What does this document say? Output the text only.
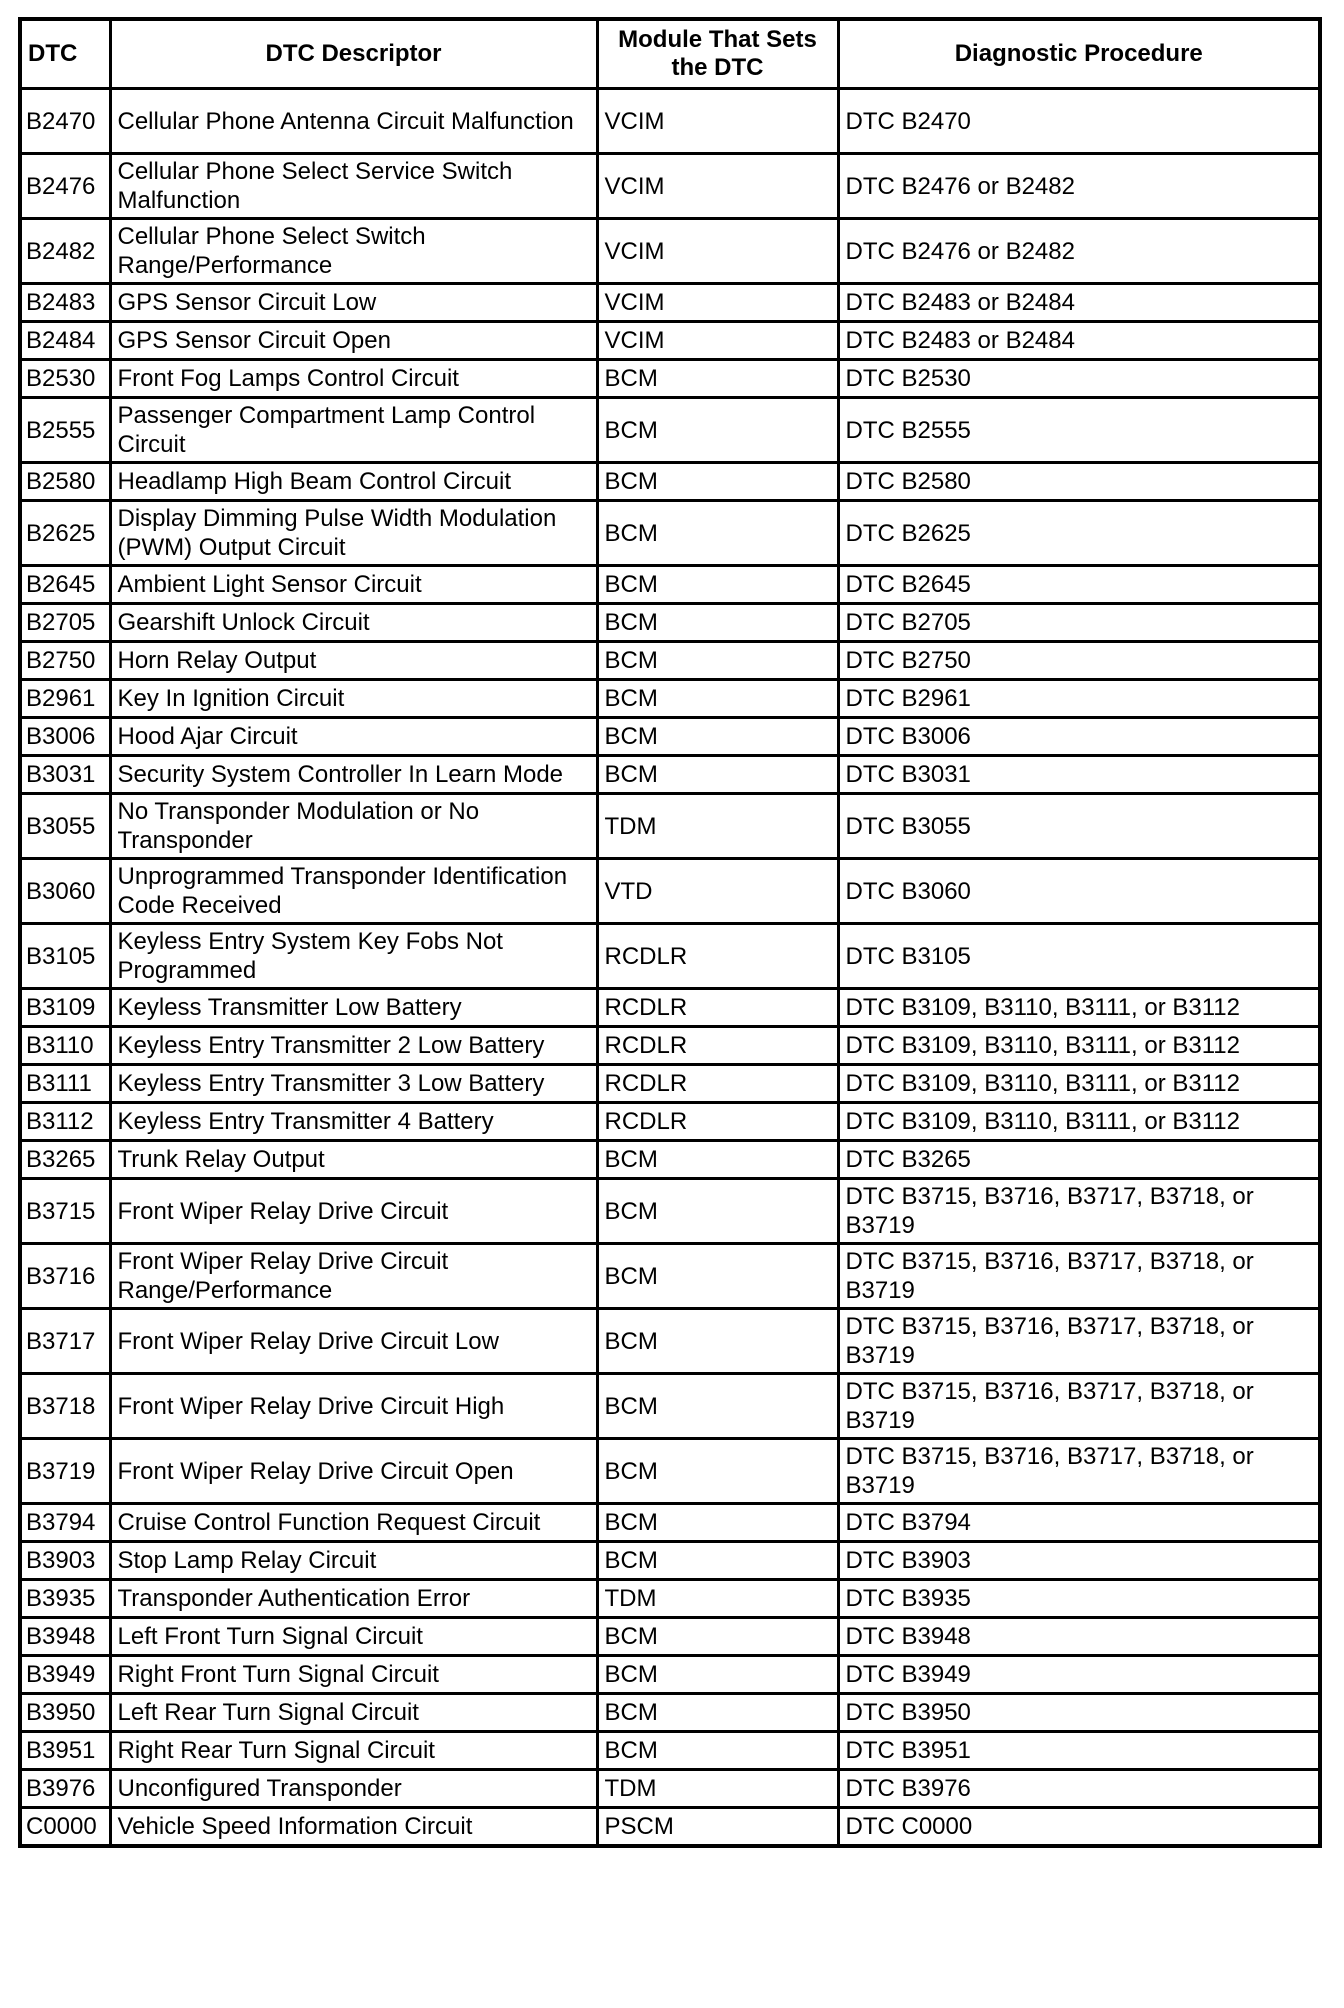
DTC	DTC Descriptor	Module That Sets the DTC	Diagnostic Procedure
B2470	Cellular Phone Antenna Circuit Malfunction	VCIM	DTC B2470
B2476	Cellular Phone Select Service Switch Malfunction	VCIM	DTC B2476 or B2482
B2482	Cellular Phone Select Switch Range/Performance	VCIM	DTC B2476 or B2482
B2483	GPS Sensor Circuit Low	VCIM	DTC B2483 or B2484
B2484	GPS Sensor Circuit Open	VCIM	DTC B2483 or B2484
B2530	Front Fog Lamps Control Circuit	BCM	DTC B2530
B2555	Passenger Compartment Lamp Control Circuit	BCM	DTC B2555
B2580	Headlamp High Beam Control Circuit	BCM	DTC B2580
B2625	Display Dimming Pulse Width Modulation (PWM) Output Circuit	BCM	DTC B2625
B2645	Ambient Light Sensor Circuit	BCM	DTC B2645
B2705	Gearshift Unlock Circuit	BCM	DTC B2705
B2750	Horn Relay Output	BCM	DTC B2750
B2961	Key In Ignition Circuit	BCM	DTC B2961
B3006	Hood Ajar Circuit	BCM	DTC B3006
B3031	Security System Controller In Learn Mode	BCM	DTC B3031
B3055	No Transponder Modulation or No Transponder	TDM	DTC B3055
B3060	Unprogrammed Transponder Identification Code Received	VTD	DTC B3060
B3105	Keyless Entry System Key Fobs Not Programmed	RCDLR	DTC B3105
B3109	Keyless Transmitter Low Battery	RCDLR	DTC B3109, B3110, B3111, or B3112
B3110	Keyless Entry Transmitter 2 Low Battery	RCDLR	DTC B3109, B3110, B3111, or B3112
B3111	Keyless Entry Transmitter 3 Low Battery	RCDLR	DTC B3109, B3110, B3111, or B3112
B3112	Keyless Entry Transmitter 4 Battery	RCDLR	DTC B3109, B3110, B3111, or B3112
B3265	Trunk Relay Output	BCM	DTC B3265
B3715	Front Wiper Relay Drive Circuit	BCM	DTC B3715, B3716, B3717, B3718, or B3719
B3716	Front Wiper Relay Drive Circuit Range/Performance	BCM	DTC B3715, B3716, B3717, B3718, or B3719
B3717	Front Wiper Relay Drive Circuit Low	BCM	DTC B3715, B3716, B3717, B3718, or B3719
B3718	Front Wiper Relay Drive Circuit High	BCM	DTC B3715, B3716, B3717, B3718, or B3719
B3719	Front Wiper Relay Drive Circuit Open	BCM	DTC B3715, B3716, B3717, B3718, or B3719
B3794	Cruise Control Function Request Circuit	BCM	DTC B3794
B3903	Stop Lamp Relay Circuit	BCM	DTC B3903
B3935	Transponder Authentication Error	TDM	DTC B3935
B3948	Left Front Turn Signal Circuit	BCM	DTC B3948
B3949	Right Front Turn Signal Circuit	BCM	DTC B3949
B3950	Left Rear Turn Signal Circuit	BCM	DTC B3950
B3951	Right Rear Turn Signal Circuit	BCM	DTC B3951
B3976	Unconfigured Transponder	TDM	DTC B3976
C0000	Vehicle Speed Information Circuit	PSCM	DTC C0000
